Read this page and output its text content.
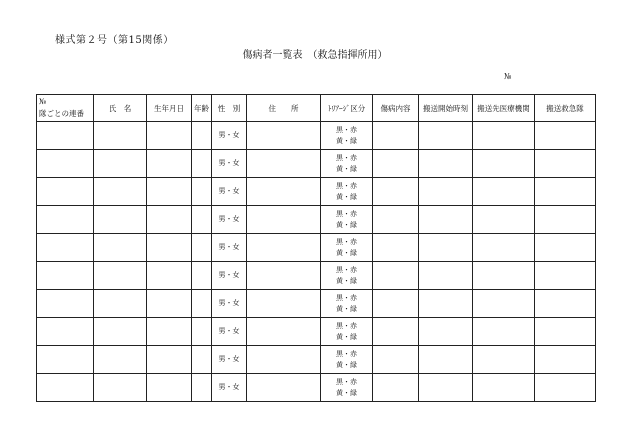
様式第２号（第15関係）
傷病者一覧表　（救急指揮所用）
№
№
隊ごとの連番	氏　名	生年月日	年齢	性　別	住　　所	ﾄﾘｱｰｼﾞ区分	傷病内容	搬送開始時刻	搬送先医療機関	搬送救急隊
				男・女		黒・赤
黄・緑				

				男・女		黒・赤
黄・緑				

				男・女		黒・赤
黄・緑				

				男・女		黒・赤
黄・緑				

				男・女		黒・赤
黄・緑				

				男・女		黒・赤
黄・緑				

				男・女		黒・赤
黄・緑				

				男・女		黒・赤
黄・緑				

				男・女		黒・赤
黄・緑				

				男・女		黒・赤
黄・緑				
